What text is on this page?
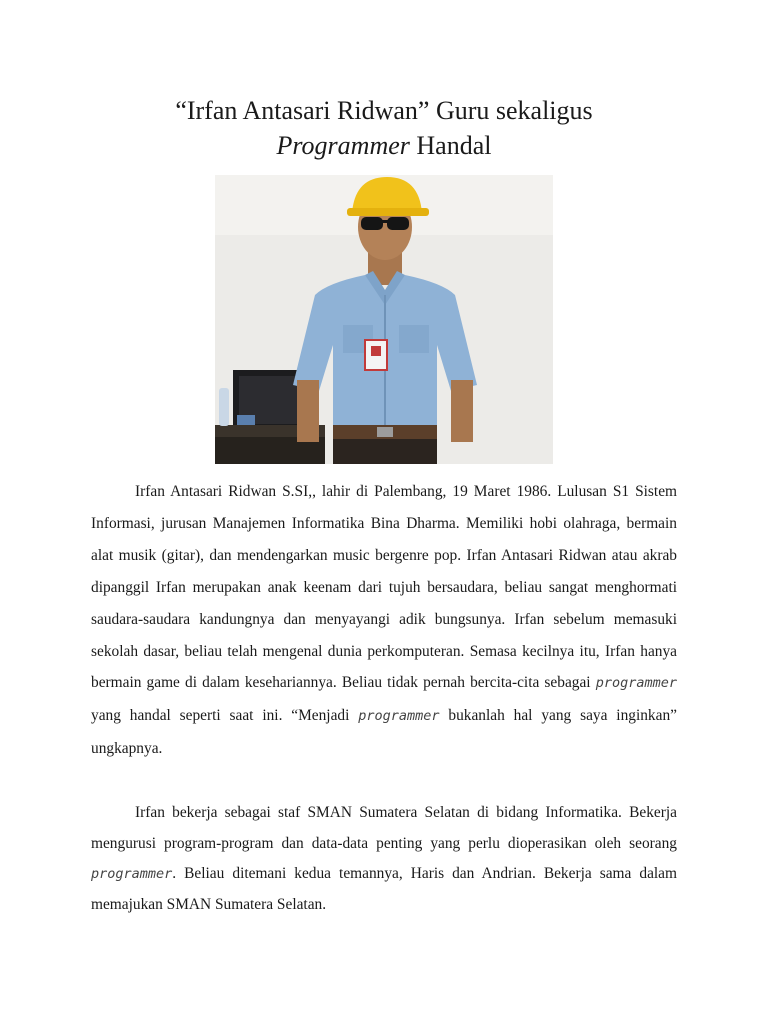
“Irfan Antasari Ridwan” Guru sekaligus
Programmer Handal

Irfan Antasari Ridwan S.SI,, lahir di Palembang, 19 Maret 1986. Lulusan S1 Sistem Informasi, jurusan Manajemen Informatika Bina Dharma. Memiliki hobi olahraga, bermain alat musik (gitar), dan mendengarkan music bergenre pop. Irfan Antasari Ridwan atau akrab dipanggil Irfan merupakan anak keenam dari tujuh bersaudara, beliau sangat menghormati saudara-saudara kandungnya dan menyayangi adik bungsunya. Irfan sebelum memasuki sekolah dasar, beliau telah mengenal dunia perkomputeran. Semasa kecilnya itu, Irfan hanya bermain game di dalam kesehariannya. Beliau tidak pernah bercita-cita sebagai programmer yang handal seperti saat ini. “Menjadi programmer bukanlah hal yang saya inginkan” ungkapnya.

Irfan bekerja sebagai staf SMAN Sumatera Selatan di bidang Informatika. Bekerja mengurusi program-program dan data-data penting yang perlu dioperasikan oleh seorang programmer. Beliau ditemani kedua temannya, Haris dan Andrian. Bekerja sama dalam memajukan SMAN Sumatera Selatan.
